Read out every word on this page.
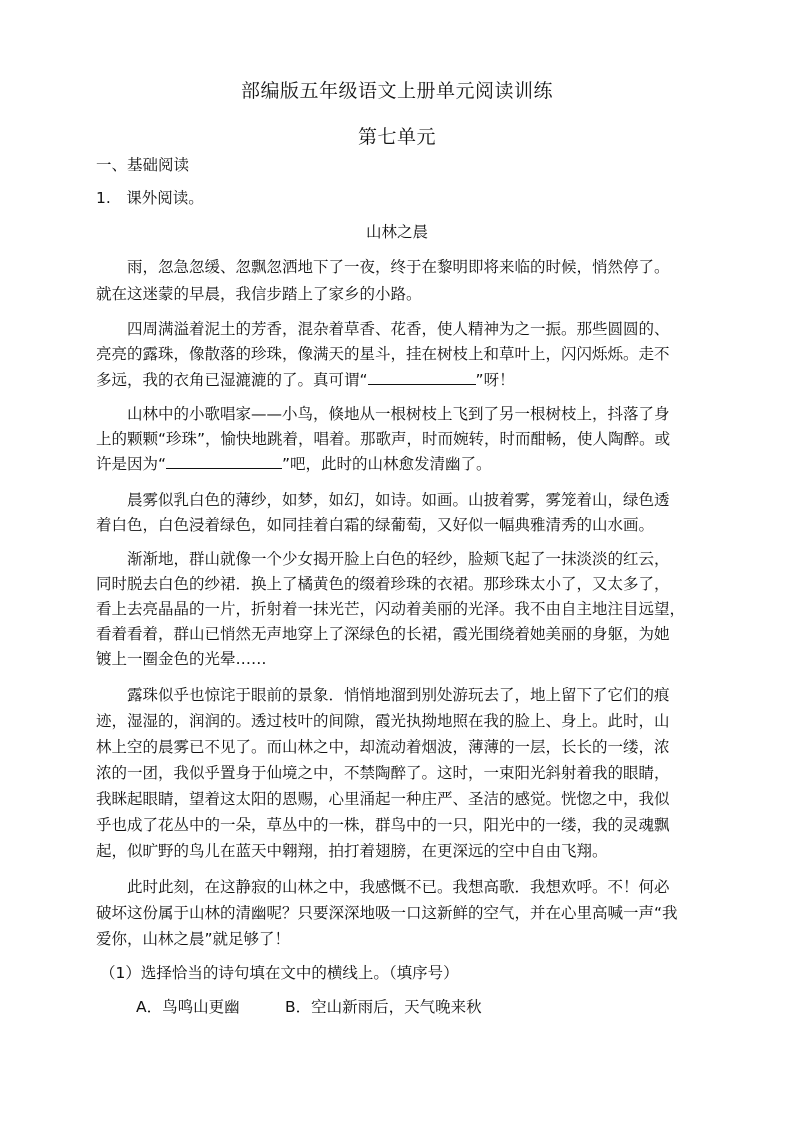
部编版五年级语文上册单元阅读训练
第七单元
一、基础阅读
1.　课外阅读。
山林之晨
　　雨，忽急忽缓、忽飘忽洒地下了一夜，终于在黎明即将来临的时候，悄然停了。
就在这迷蒙的早晨，我信步踏上了家乡的小路。
　　四周满溢着泥土的芳香，混杂着草香、花香，使人精神为之一振。那些圆圆的、
亮亮的露珠，像散落的珍珠，像满天的星斗，挂在树枝上和草叶上，闪闪烁烁。走不
多远，我的衣角已湿漉漉的了。真可谓“	”呀！
　　山林中的小歌唱家——小鸟，倏地从一根树枝上飞到了另一根树枝上，抖落了身
上的颗颗“珍珠”，愉快地跳着，唱着。那歌声，时而婉转，时而酣畅，使人陶醉。或
许是因为“	”吧，此时的山林愈发清幽了。
　　晨雾似乳白色的薄纱，如梦，如幻，如诗。如画。山披着雾，雾笼着山，绿色透
着白色，白色浸着绿色，如同挂着白霜的绿葡萄，又好似一幅典雅清秀的山水画。
　　渐渐地，群山就像一个少女揭开脸上白色的轻纱，脸颊飞起了一抹淡淡的红云，
同时脱去白色的纱裙．换上了橘黄色的缀着珍珠的衣裙。那珍珠太小了，又太多了，
看上去亮晶晶的一片，折射着一抹光芒，闪动着美丽的光泽。我不由自主地注目远望，
看着看着，群山已悄然无声地穿上了深绿色的长裙，霞光围绕着她美丽的身躯，为她
镀上一圈金色的光晕……
　　露珠似乎也惊诧于眼前的景象．悄悄地溜到别处游玩去了，地上留下了它们的痕
迹，湿湿的，润润的。透过枝叶的间隙，霞光执拗地照在我的脸上、身上。此时，山
林上空的晨雾已不见了。而山林之中，却流动着烟波，薄薄的一层，长长的一缕，浓
浓的一团，我似乎置身于仙境之中，不禁陶醉了。这时，一束阳光斜射着我的眼睛，
我眯起眼睛，望着这太阳的恩赐，心里涌起一种庄严、圣洁的感觉。恍惚之中，我似
乎也成了花丛中的一朵，草丛中的一株，群鸟中的一只，阳光中的一缕，我的灵魂飘
起，似旷野的鸟儿在蓝天中翱翔，拍打着翅膀，在更深远的空中自由飞翔。
　　此时此刻，在这静寂的山林之中，我感慨不已。我想高歌．我想欢呼。不！何必
破坏这份属于山林的清幽呢？只要深深地吸一口这新鲜的空气，并在心里高喊一声“我
爱你，山林之晨”就足够了！
（1）选择恰当的诗句填在文中的横线上。（填序号）
A．鸟鸣山更幽	B．空山新雨后，天气晚来秋
